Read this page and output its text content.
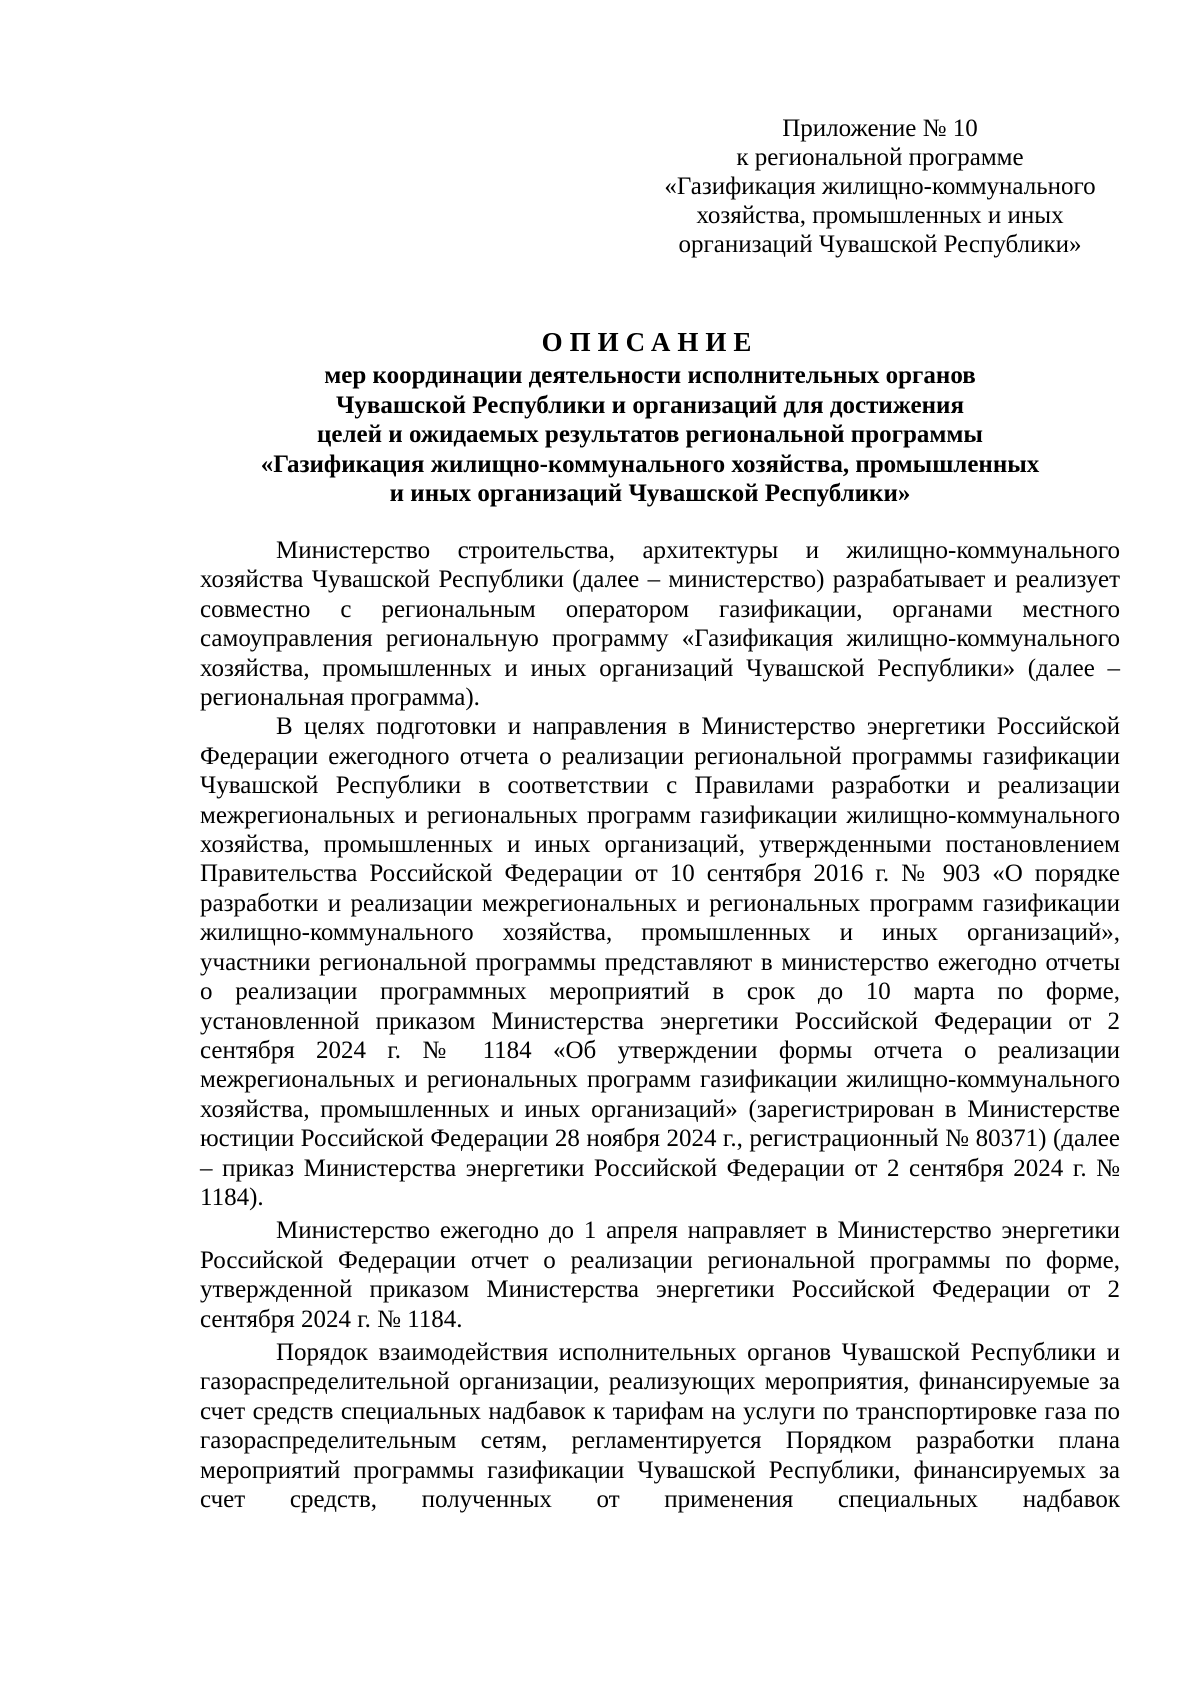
Приложение № 10
к региональной программе
«Газификация жилищно-коммунального
хозяйства, промышленных и иных
организаций Чувашской Республики»
ОПИСАНИЕ
мер координации деятельности исполнительных органов
Чувашской Республики и организаций для достижения
целей и ожидаемых результатов региональной программы
«Газификация жилищно-коммунального хозяйства, промышленных
и иных организаций Чувашской Республики»

Министерство строительства, архитектуры и жилищно-коммунального хозяйства Чувашской Республики (далее – министерство) разрабатывает и реализует совместно с региональным оператором газификации, органами местного самоуправления региональную программу «Газификация жилищно-коммунального хозяйства, промышленных и иных организаций Чувашской Республики» (далее – региональная программа).

В целях подготовки и направления в Министерство энергетики Российской Федерации ежегодного отчета о реализации региональной программы газификации Чувашской Республики в соответствии с Правилами разработки и реализации межрегиональных и региональных программ газификации жилищно-коммунального хозяйства, промышленных и иных организаций, утвержденными постановлением Правительства Российской Федерации от 10 сентября 2016 г. № 903 «О порядке разработки и реализации межрегиональных и региональных программ газификации жилищно-коммунального хозяйства, промышленных и иных организаций», участники региональной программы представляют в министерство ежегодно отчеты о реализации программных мероприятий в срок до 10 марта по форме, установленной приказом Министерства энергетики Российской Федерации от 2 сентября 2024 г. № 1184 «Об утверждении формы отчета о реализации межрегиональных и региональных программ газификации жилищно-коммунального хозяйства, промышленных и иных организаций» (зарегистрирован в Министерстве юстиции Российской Федерации 28 ноября 2024 г., регистрационный № 80371) (далее – приказ Министерства энергетики Российской Федерации от 2 сентября 2024 г. № 1184).

Министерство ежегодно до 1 апреля направляет в Министерство энергетики Российской Федерации отчет о реализации региональной программы по форме, утвержденной приказом Министерства энергетики Российской Федерации от 2 сентября 2024 г. № 1184.

Порядок взаимодействия исполнительных органов Чувашской Республики и газораспределительной организации, реализующих мероприятия, финансируемые за счет средств специальных надбавок к тарифам на услуги по транспортировке газа по газораспределительным сетям, регламентируется Порядком разработки плана мероприятий программы газификации Чувашской Республики, финансируемых за счет средств, полученных от применения специальных надбавок
